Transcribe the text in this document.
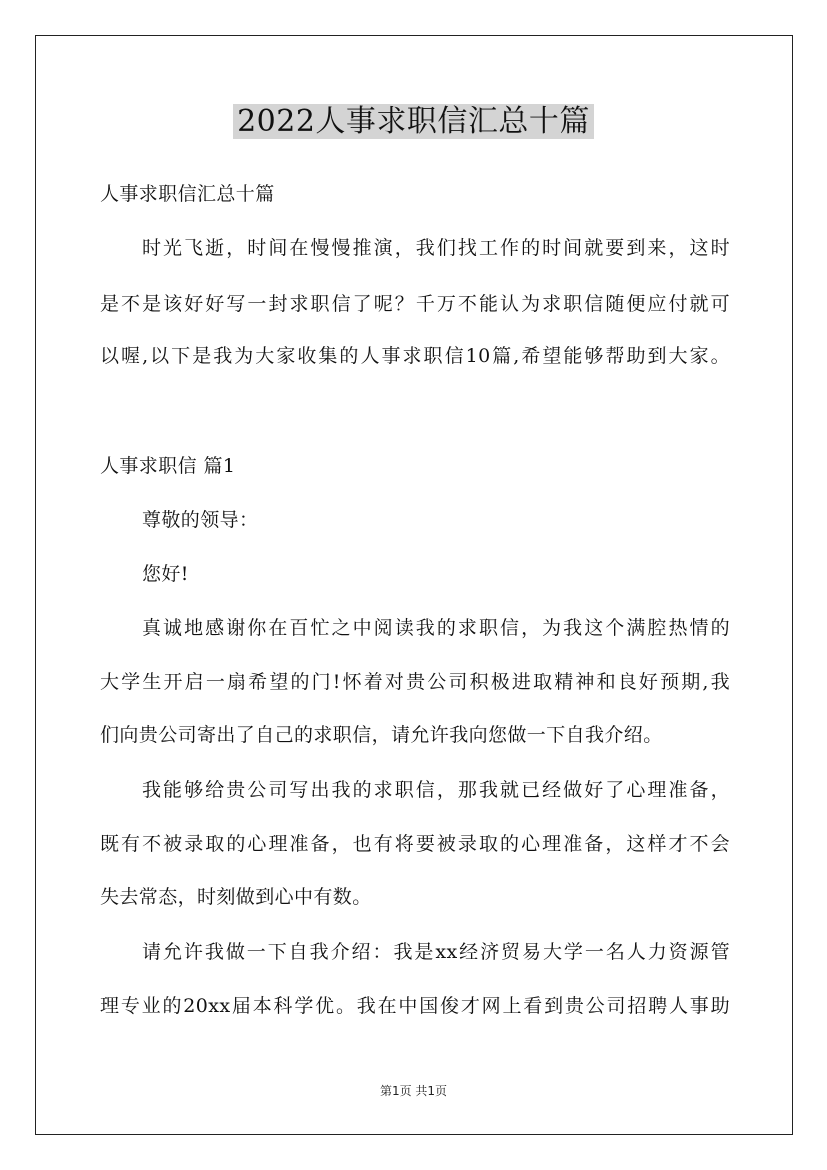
2022人事求职信汇总十篇
人事求职信汇总十篇
时光飞逝，时间在慢慢推演，我们找工作的时间就要到来，这时
是不是该好好写一封求职信了呢？千万不能认为求职信随便应付就可
以喔,以下是我为大家收集的人事求职信10篇,希望能够帮助到大家。
人事求职信 篇1
尊敬的领导：
您好!
真诚地感谢你在百忙之中阅读我的求职信，为我这个满腔热情的
大学生开启一扇希望的门!怀着对贵公司积极进取精神和良好预期,我
们向贵公司寄出了自己的求职信，请允许我向您做一下自我介绍。
我能够给贵公司写出我的求职信，那我就已经做好了心理准备，
既有不被录取的心理准备，也有将要被录取的心理准备，这样才不会
失去常态，时刻做到心中有数。
请允许我做一下自我介绍：我是xx经济贸易大学一名人力资源管
理专业的20xx届本科学优。我在中国俊才网上看到贵公司招聘人事助
第1页 共1页
